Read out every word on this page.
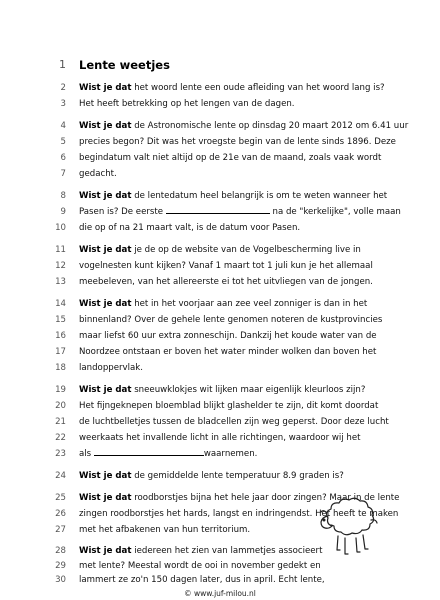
1 Lente weetjes
2 Wist je dat het woord lente een oude afleiding van het woord lang is?
3 Het heeft betrekking op het lengen van de dagen.
4 Wist je dat de Astronomische lente op dinsdag 20 maart 2012 om 6.41 uur
5 precies begon? Dit was het vroegste begin van de lente sinds 1896. Deze
6 begindatum valt niet altijd op de 21e van de maand, zoals vaak wordt
7 gedacht.
8 Wist je dat de lentedatum heel belangrijk is om te weten wanneer het
9 Pasen is? De eerste	na de "kerkelijke", volle maan
10 die op of na 21 maart valt, is de datum voor Pasen.
11 Wist je dat je de op de website van de Vogelbescherming live in
12 vogelnesten kunt kijken? Vanaf 1 maart tot 1 juli kun je het allemaal
13 meebeleven, van het allereerste ei tot het uitvliegen van de jongen.
14 Wist je dat het in het voorjaar aan zee veel zonniger is dan in het
15 binnenland? Over de gehele lente genomen noteren de kustprovincies
16 maar liefst 60 uur extra zonneschijn. Dankzij het koude water van de
17 Noordzee ontstaan er boven het water minder wolken dan boven het
18 landoppervlak.
19 Wist je dat sneeuwklokjes wit lijken maar eigenlijk kleurloos zijn?
20 Het fijngeknepen bloemblad blijkt glashelder te zijn, dit komt doordat
21 de luchtbelletjes tussen de bladcellen zijn weg geperst. Door deze lucht
22 weerkaats het invallende licht in alle richtingen, waardoor wij het
23 als	waarnemen.
24 Wist je dat de gemiddelde lente temperatuur 8.9 graden is?
25 Wist je dat roodborstjes bijna het hele jaar door zingen? Maar in de lente
26 zingen roodborstjes het hards, langst en indringendst. Het heeft te maken
27 met het afbakenen van hun territorium.
28 Wist je dat iedereen het zien van lammetjes associeert
29 met lente? Meestal wordt de ooi in november gedekt en
30 lammert ze zo'n 150 dagen later, dus in april. Echt lente,
© www.juf-milou.nl
